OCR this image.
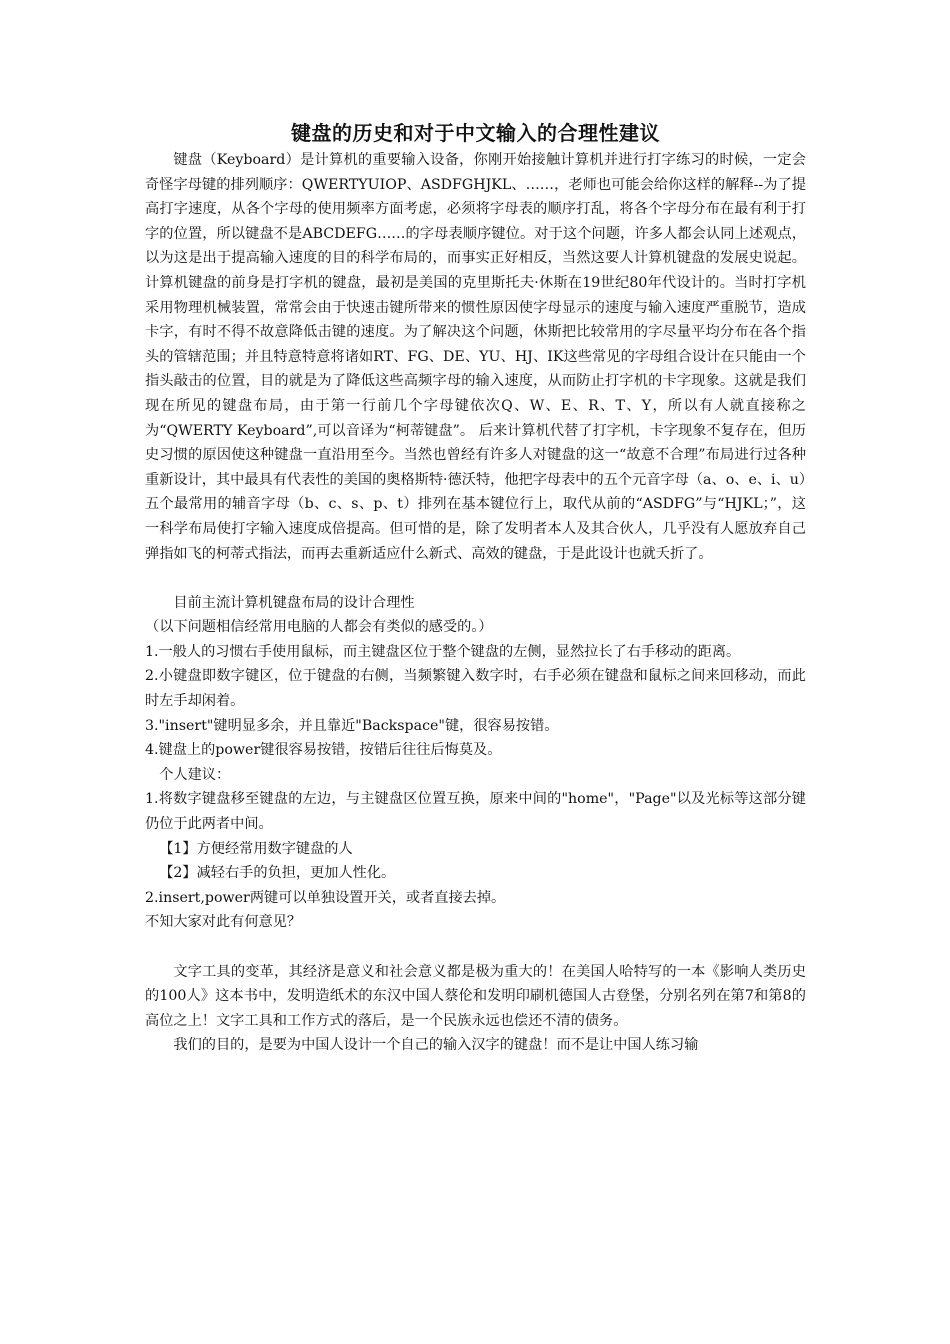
键盘的历史和对于中文输入的合理性建议

键盘（Keyboard）是计算机的重要输入设备，你刚开始接触计算机并进行打字练习的时候，一定会奇怪字母键的排列顺序：QWERTYUIOP、ASDFGHJKL、……，老师也可能会给你这样的解释--为了提高打字速度，从各个字母的使用频率方面考虑，必须将字母表的顺序打乱，将各个字母分布在最有利于打字的位置，所以键盘不是ABCDEFG……的字母表顺序键位。对于这个问题，许多人都会认同上述观点，以为这是出于提高输入速度的目的科学布局的，而事实正好相反，当然这要人计算机键盘的发展史说起。 计算机键盘的前身是打字机的键盘，最初是美国的克里斯托夫·休斯在19世纪80年代设计的。当时打字机采用物理机械装置，常常会由于快速击键所带来的惯性原因使字母显示的速度与输入速度严重脱节，造成卡字，有时不得不故意降低击键的速度。为了解决这个问题，休斯把比较常用的字尽量平均分布在各个指头的管辖范围；并且特意特意将诸如RT、FG、DE、YU、HJ、IK这些常见的字母组合设计在只能由一个指头敲击的位置，目的就是为了降低这些高频字母的输入速度，从而防止打字机的卡字现象。这就是我们现在所见的键盘布局，由于第一行前几个字母键依次Q、W、E、R、T、Y，所以有人就直接称之为“QWERTY Keyboard”,可以音译为“柯蒂键盘”。 后来计算机代替了打字机，卡字现象不复存在，但历史习惯的原因使这种键盘一直沿用至今。当然也曾经有许多人对键盘的这一“故意不合理”布局进行过各种重新设计，其中最具有代表性的美国的奥格斯特·德沃特，他把字母表中的五个元音字母（a、o、e、i、u）五个最常用的辅音字母（b、c、s、p、t）排列在基本键位行上，取代从前的“ASDFG”与“HJKL；”，这一科学布局使打字输入速度成倍提高。但可惜的是，除了发明者本人及其合伙人，几乎没有人愿放弃自己弹指如飞的柯蒂式指法，而再去重新适应什么新式、高效的键盘，于是此设计也就夭折了。

目前主流计算机键盘布局的设计合理性

（以下问题相信经常用电脑的人都会有类似的感受的。）

1.一般人的习惯右手使用鼠标，而主键盘区位于整个键盘的左侧，显然拉长了右手移动的距离。

2.小键盘即数字键区，位于键盘的右侧，当频繁键入数字时，右手必须在键盘和鼠标之间来回移动，而此时左手却闲着。

3."insert"键明显多余，并且靠近"Backspace"键，很容易按错。

4.键盘上的power键很容易按错，按错后往往后悔莫及。

个人建议：

1.将数字键盘移至键盘的左边，与主键盘区位置互换，原来中间的"home"，"Page"以及光标等这部分键仍位于此两者中间。

【1】方便经常用数字键盘的人

【2】减轻右手的负担，更加人性化。

2.insert,power两键可以单独设置开关，或者直接去掉。

不知大家对此有何意见？

文字工具的变革，其经济是意义和社会意义都是极为重大的！在美国人哈特写的一本《影响人类历史的100人》这本书中，发明造纸术的东汉中国人蔡伦和发明印刷机德国人古登堡，分别名列在第7和第8的高位之上！文字工具和工作方式的落后，是一个民族永远也偿还不清的债务。

我们的目的，是要为中国人设计一个自己的输入汉字的键盘！而不是让中国人练习输
